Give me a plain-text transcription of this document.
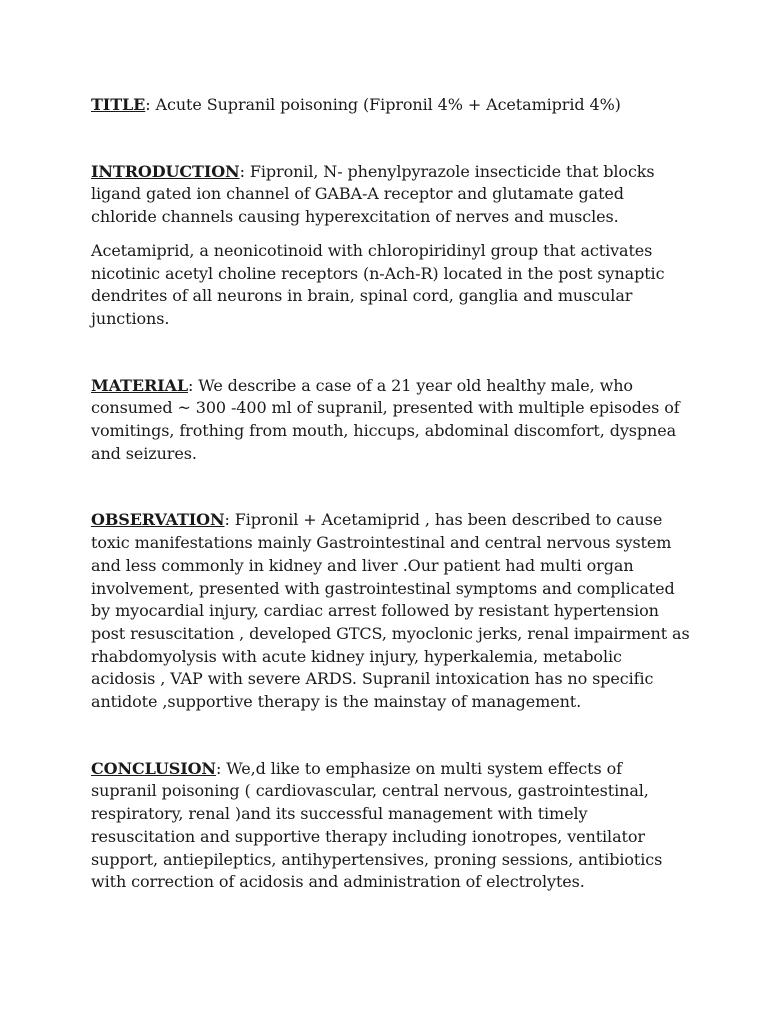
TITLE: Acute Supranil poisoning (Fipronil 4% + Acetamiprid 4%)

INTRODUCTION: Fipronil, N- phenylpyrazole insecticide that blocks ligand gated ion channel of GABA-A receptor and glutamate gated chloride channels causing hyperexcitation of nerves and muscles.

Acetamiprid, a neonicotinoid with chloropiridinyl group that activates nicotinic acetyl choline receptors (n-Ach-R) located in the post synaptic dendrites of all neurons in brain, spinal cord, ganglia and muscular junctions.

MATERIAL: We describe a case of a 21 year old healthy male, who consumed ~ 300 -400 ml of supranil, presented with multiple episodes of vomitings, frothing from mouth, hiccups, abdominal discomfort, dyspnea and seizures.

OBSERVATION: Fipronil + Acetamiprid , has been described to cause toxic manifestations mainly Gastrointestinal and central nervous system and less commonly in kidney and liver .Our patient had multi organ involvement, presented with gastrointestinal symptoms and complicated by myocardial injury, cardiac arrest followed by resistant hypertension post resuscitation , developed GTCS, myoclonic jerks, renal impairment as rhabdomyolysis with acute kidney injury, hyperkalemia, metabolic acidosis , VAP with severe ARDS. Supranil intoxication has no specific antidote ,supportive therapy is the mainstay of management.

CONCLUSION: We,d like to emphasize on multi system effects of supranil poisoning ( cardiovascular, central nervous, gastrointestinal, respiratory, renal )and its successful management with timely resuscitation and supportive therapy including ionotropes, ventilator support, antiepileptics, antihypertensives, proning sessions, antibiotics with correction of acidosis and administration of electrolytes.
